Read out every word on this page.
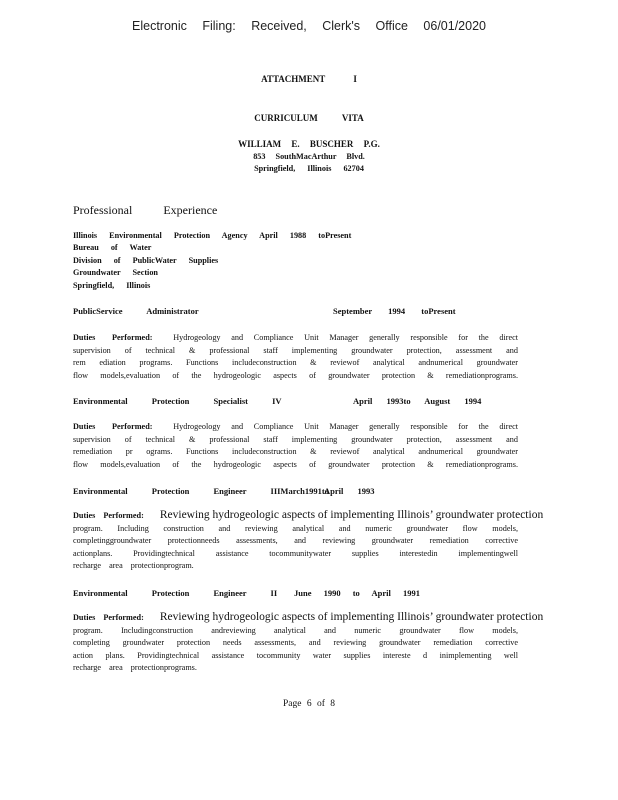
Electronic Filing: Received, Clerk's Office 06/01/2020
ATTACHMENT I
CURRICULUM VITA
WILLIAM E. BUSCHER P.G.
853 SouthMacArthur Blvd.
Springfield, Illinois 62704
Professional Experience
Illinois Environmental Protection Agency April 1988 toPresent
Bureau of Water
Division of PublicWater Supplies
Groundwater Section
Springfield, Illinois
PublicService Administrator	September 1994 toPresent
Duties Performed:	Hydrogeology and Compliance Unit Manager generally responsible for the direct
supervision of technical & professional staff implementing groundwater protection, assessment and
rem ediation programs. Functions includeconstruction & reviewof analytical andnumerical groundwater
flow models,evaluation of the hydrogeologic aspects of groundwater protection & remediationprograms.
Environmental Protection Specialist IV	April 1993to August 1994
Duties Performed:	Hydrogeology and Compliance Unit Manager generally responsible for the direct
supervision of technical & professional staff implementing groundwater protection, assessment and
remediation pr ograms. Functions includeconstruction & reviewof analytical andnumerical groundwater
flow models,evaluation of the hydrogeologic aspects of groundwater protection & remediationprograms.
Environmental Protection Engineer IIIMarch1991to
April 1993
Duties Performed: Reviewing hydrogeologic aspects of implementing Illinois’ groundwater protection
program. Including construction and reviewing analytical and numeric groundwater flow models,
completinggroundwater protectionneeds assessments, and reviewing groundwater remediation corrective
actionplans. Providingtechnical assistance tocommunitywater supplies interestedin implementingwell
recharge area protectionprogram.
Environmental Protection Engineer II June 1990 to April 1991
Duties Performed: Reviewing hydrogeologic aspects of implementing Illinois’ groundwater protection
program. Includingconstruction andreviewing analytical and numeric groundwater flow models,
completing groundwater protection needs assessments, and reviewing groundwater remediation corrective
action plans. Providingtechnical assistance tocommunity water supplies intereste d inimplementing well
recharge area protectionprograms.
Page 6 of 8
